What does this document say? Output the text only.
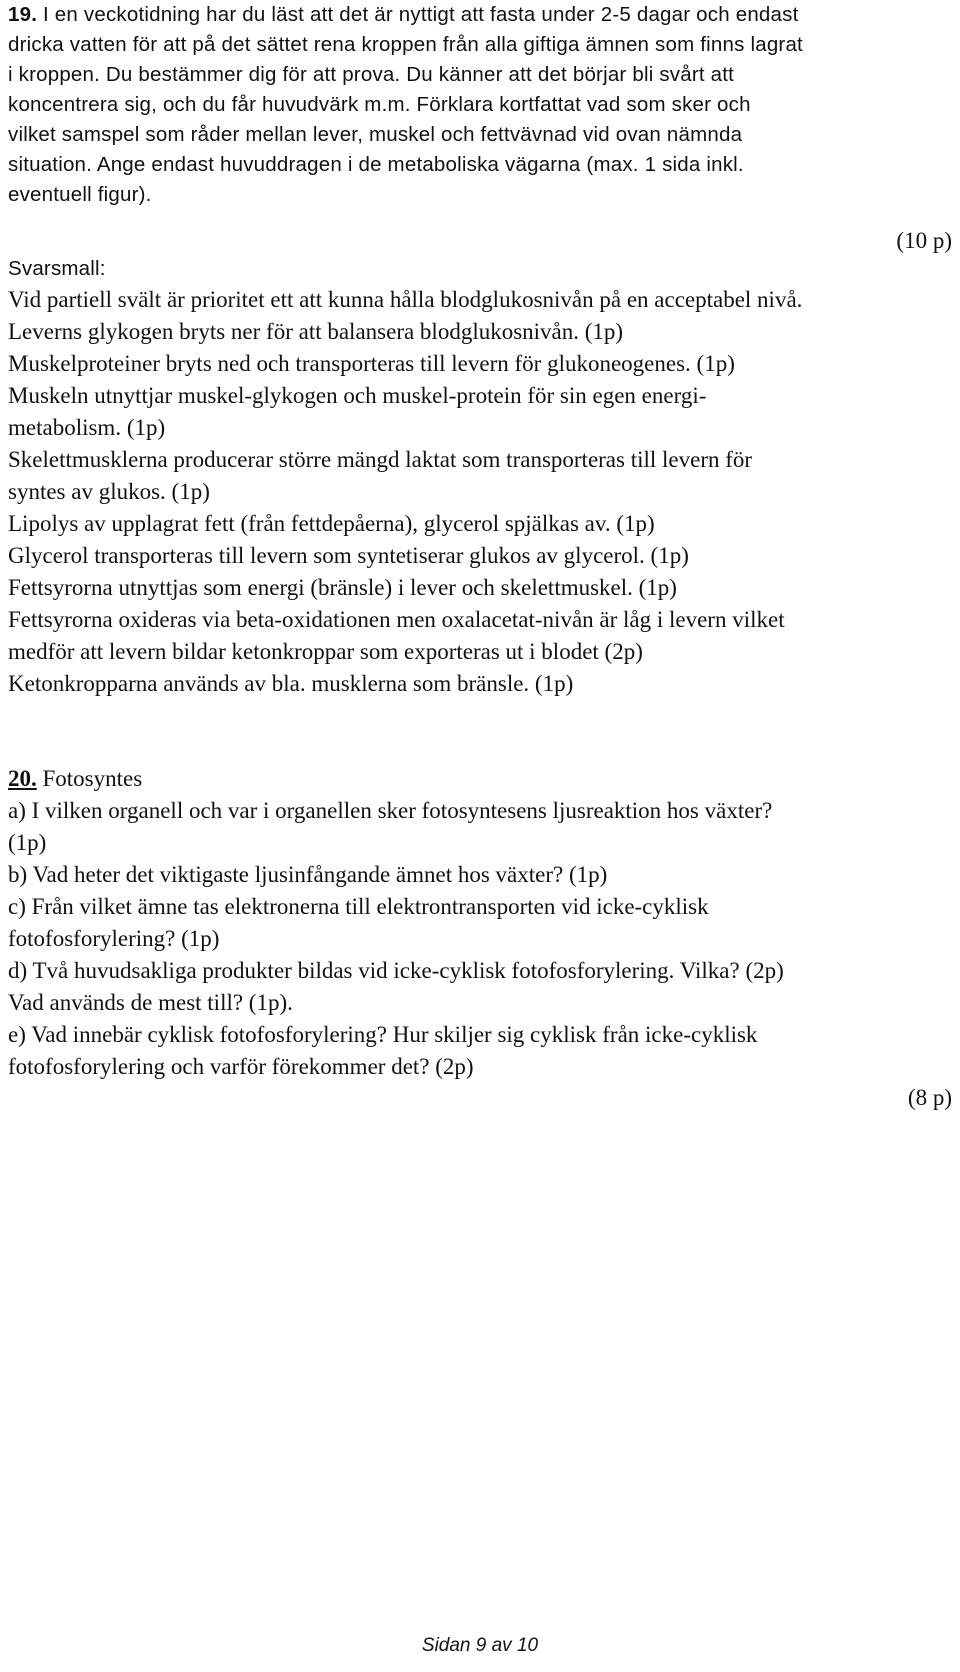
19. I en veckotidning har du läst att det är nyttigt att fasta under 2-5 dagar och endast
dricka vatten för att på det sättet rena kroppen från alla giftiga ämnen som finns lagrat
i kroppen. Du bestämmer dig för att prova. Du känner att det börjar bli svårt att
koncentrera sig, och du får huvudvärk m.m. Förklara kortfattat vad som sker och
vilket samspel som råder mellan lever, muskel och fettvävnad vid ovan nämnda
situation. Ange endast huvuddragen i de metaboliska vägarna (max. 1 sida inkl.
eventuell figur).
(10 p)
Svarsmall:
Vid partiell svält är prioritet ett att kunna hålla blodglukosnivån på en acceptabel nivå.
Leverns glykogen bryts ner för att balansera blodglukosnivån. (1p)
Muskelproteiner bryts ned och transporteras till levern för glukoneogenes. (1p)
Muskeln utnyttjar muskel-glykogen och muskel-protein för sin egen energi-
metabolism. (1p)
Skelettmusklerna producerar större mängd laktat som transporteras till levern för
syntes av glukos. (1p)
Lipolys av upplagrat fett (från fettdepåerna), glycerol spjälkas av. (1p)
Glycerol transporteras till levern som syntetiserar glukos av glycerol. (1p)
Fettsyrorna utnyttjas som energi (bränsle) i lever och skelettmuskel. (1p)
Fettsyrorna oxideras via beta-oxidationen men oxalacetat-nivån är låg i levern vilket
medför att levern bildar ketonkroppar som exporteras ut i blodet (2p)
Ketonkropparna används av bla. musklerna som bränsle. (1p)
20. Fotosyntes
a) I vilken organell och var i organellen sker fotosyntesens ljusreaktion hos växter?
(1p)
b) Vad heter det viktigaste ljusinfångande ämnet hos växter? (1p)
c) Från vilket ämne tas elektronerna till elektrontransporten vid icke-cyklisk
fotofosforylering? (1p)
d) Två huvudsakliga produkter bildas vid icke-cyklisk fotofosforylering. Vilka? (2p)
Vad används de mest till? (1p).
e) Vad innebär cyklisk fotofosforylering? Hur skiljer sig cyklisk från icke-cyklisk
fotofosforylering och varför förekommer det? (2p)
(8 p)
Sidan 9 av 10
